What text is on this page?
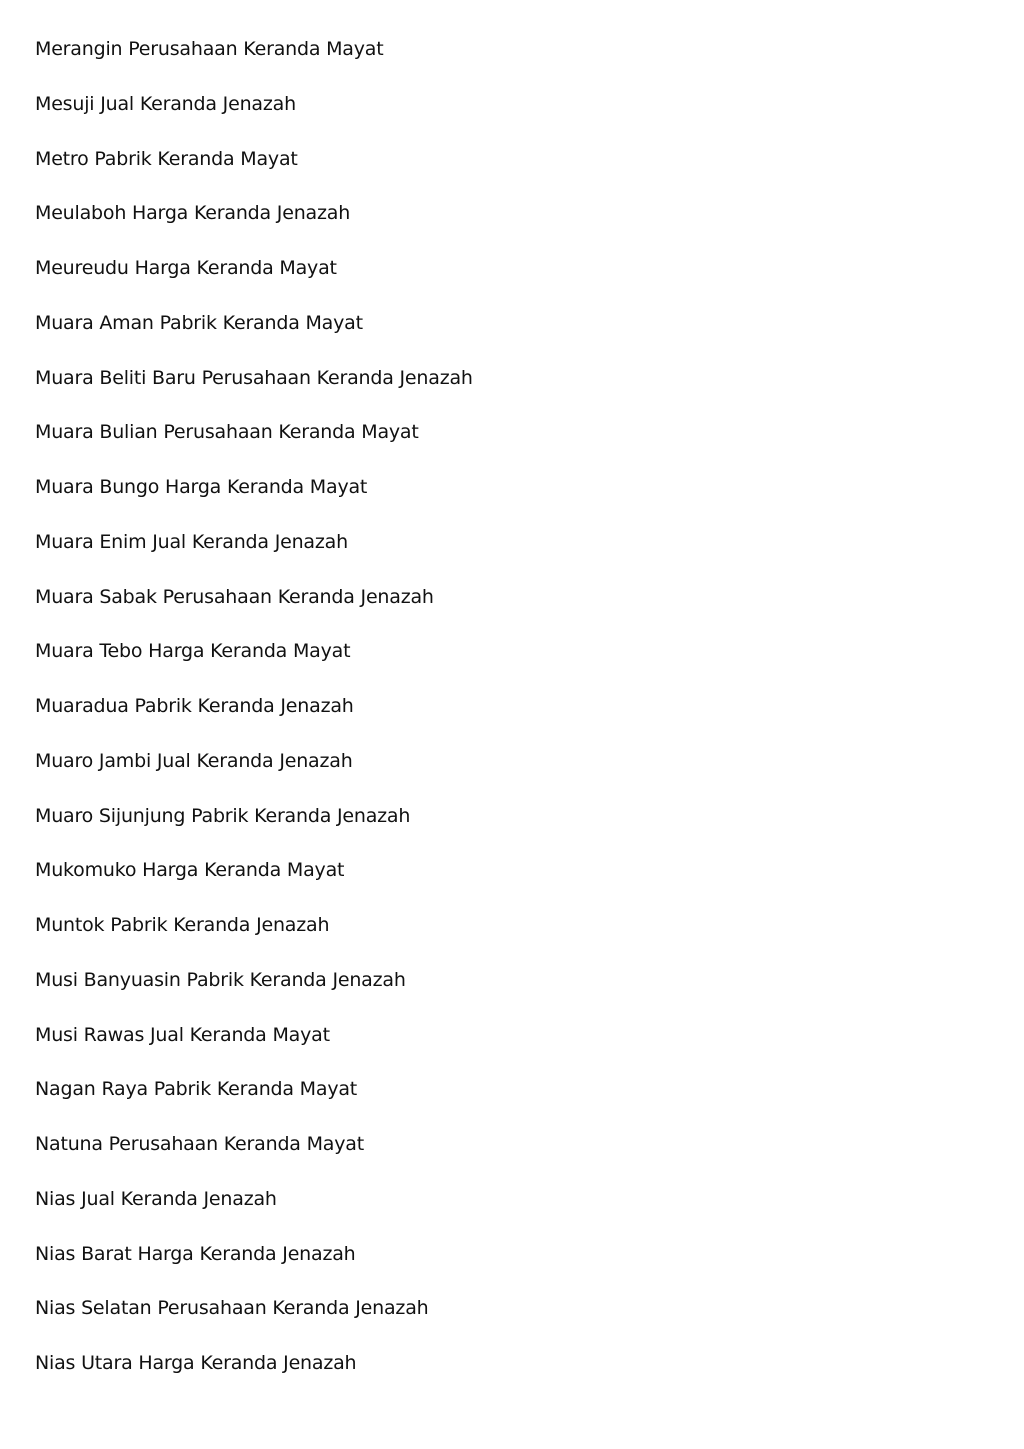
Merangin Perusahaan Keranda Mayat
Mesuji Jual Keranda Jenazah
Metro Pabrik Keranda Mayat
Meulaboh Harga Keranda Jenazah
Meureudu Harga Keranda Mayat
Muara Aman Pabrik Keranda Mayat
Muara Beliti Baru Perusahaan Keranda Jenazah
Muara Bulian Perusahaan Keranda Mayat
Muara Bungo Harga Keranda Mayat
Muara Enim Jual Keranda Jenazah
Muara Sabak Perusahaan Keranda Jenazah
Muara Tebo Harga Keranda Mayat
Muaradua Pabrik Keranda Jenazah
Muaro Jambi Jual Keranda Jenazah
Muaro Sijunjung Pabrik Keranda Jenazah
Mukomuko Harga Keranda Mayat
Muntok Pabrik Keranda Jenazah
Musi Banyuasin Pabrik Keranda Jenazah
Musi Rawas Jual Keranda Mayat
Nagan Raya Pabrik Keranda Mayat
Natuna Perusahaan Keranda Mayat
Nias Jual Keranda Jenazah
Nias Barat Harga Keranda Jenazah
Nias Selatan Perusahaan Keranda Jenazah
Nias Utara Harga Keranda Jenazah
